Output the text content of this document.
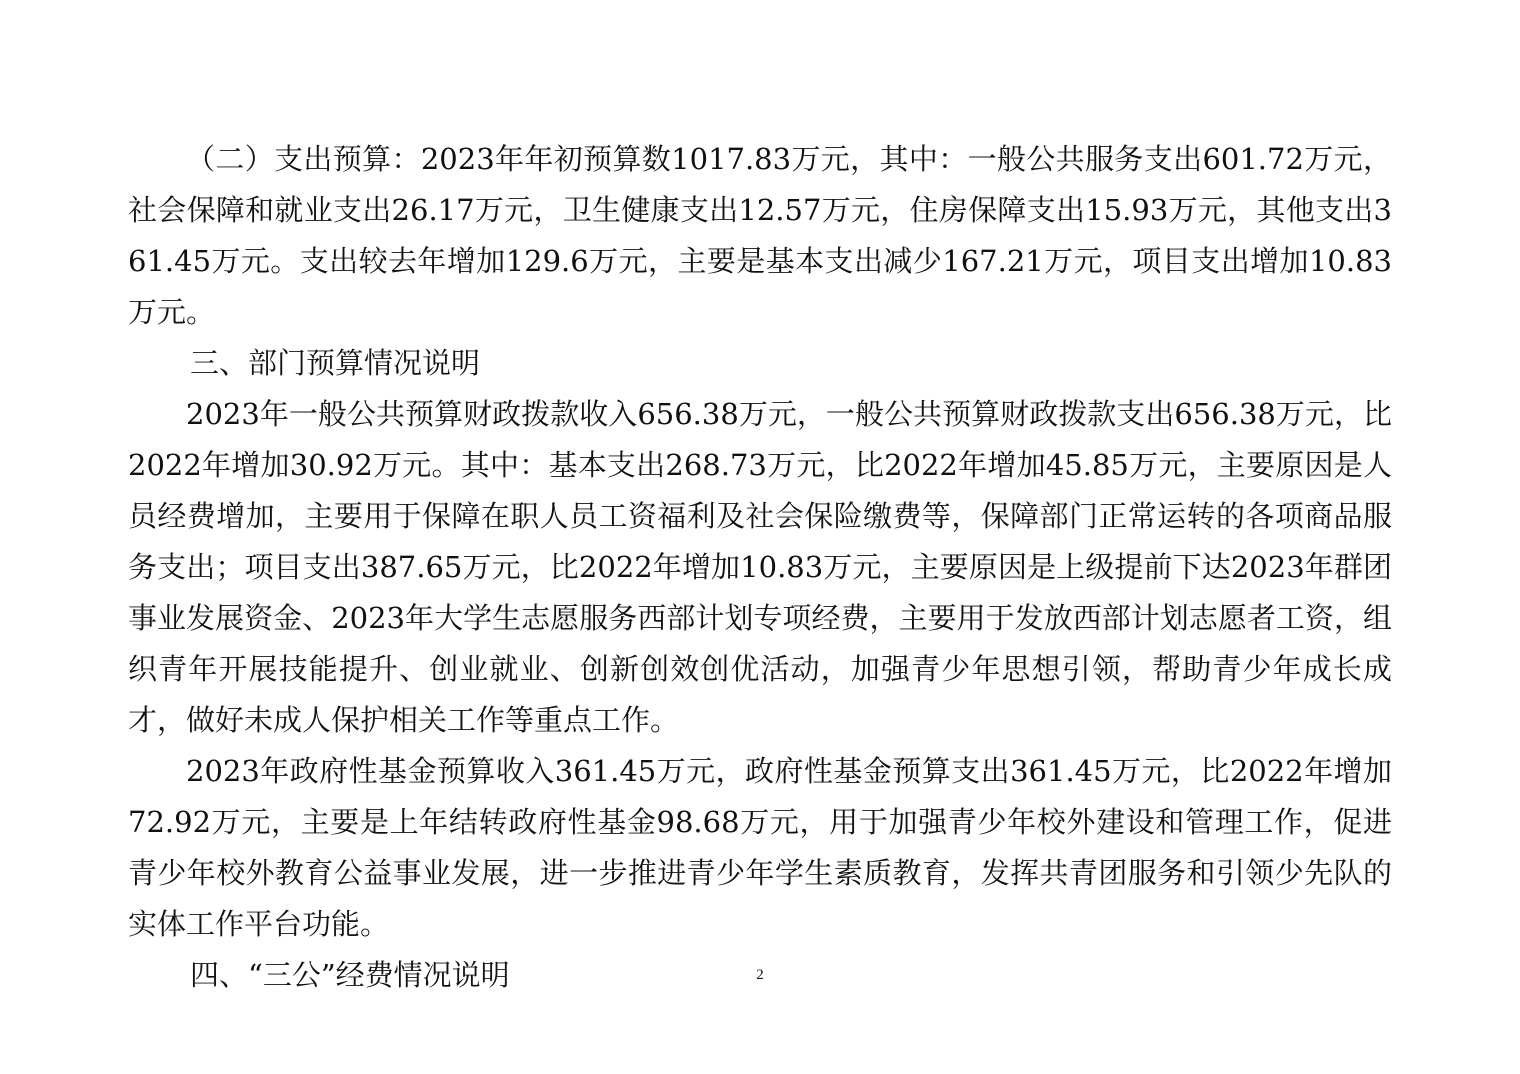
（二）支出预算：2023年年初预算数1017.83万元，其中：一般公共服务支出601.72万元，社会保障和就业支出26.17万元，卫生健康支出12.57万元，住房保障支出15.93万元，其他支出361.45万元。支出较去年增加129.6万元，主要是基本支出减少167.21万元，项目支出增加10.83万元。

三、部门预算情况说明

2023年一般公共预算财政拨款收入656.38万元，一般公共预算财政拨款支出656.38万元，比2022年增加30.92万元。其中：基本支出268.73万元，比2022年增加45.85万元，主要原因是人员经费增加，主要用于保障在职人员工资福利及社会保险缴费等，保障部门正常运转的各项商品服务支出；项目支出387.65万元，比2022年增加10.83万元，主要原因是上级提前下达2023年群团事业发展资金、2023年大学生志愿服务西部计划专项经费，主要用于发放西部计划志愿者工资，组织青年开展技能提升、创业就业、创新创效创优活动，加强青少年思想引领，帮助青少年成长成才，做好未成人保护相关工作等重点工作。

2023年政府性基金预算收入361.45万元，政府性基金预算支出361.45万元，比2022年增加72.92万元，主要是上年结转政府性基金98.68万元，用于加强青少年校外建设和管理工作，促进青少年校外教育公益事业发展，进一步推进青少年学生素质教育，发挥共青团服务和引领少先队的实体工作平台功能。

四、“三公”经费情况说明	2
